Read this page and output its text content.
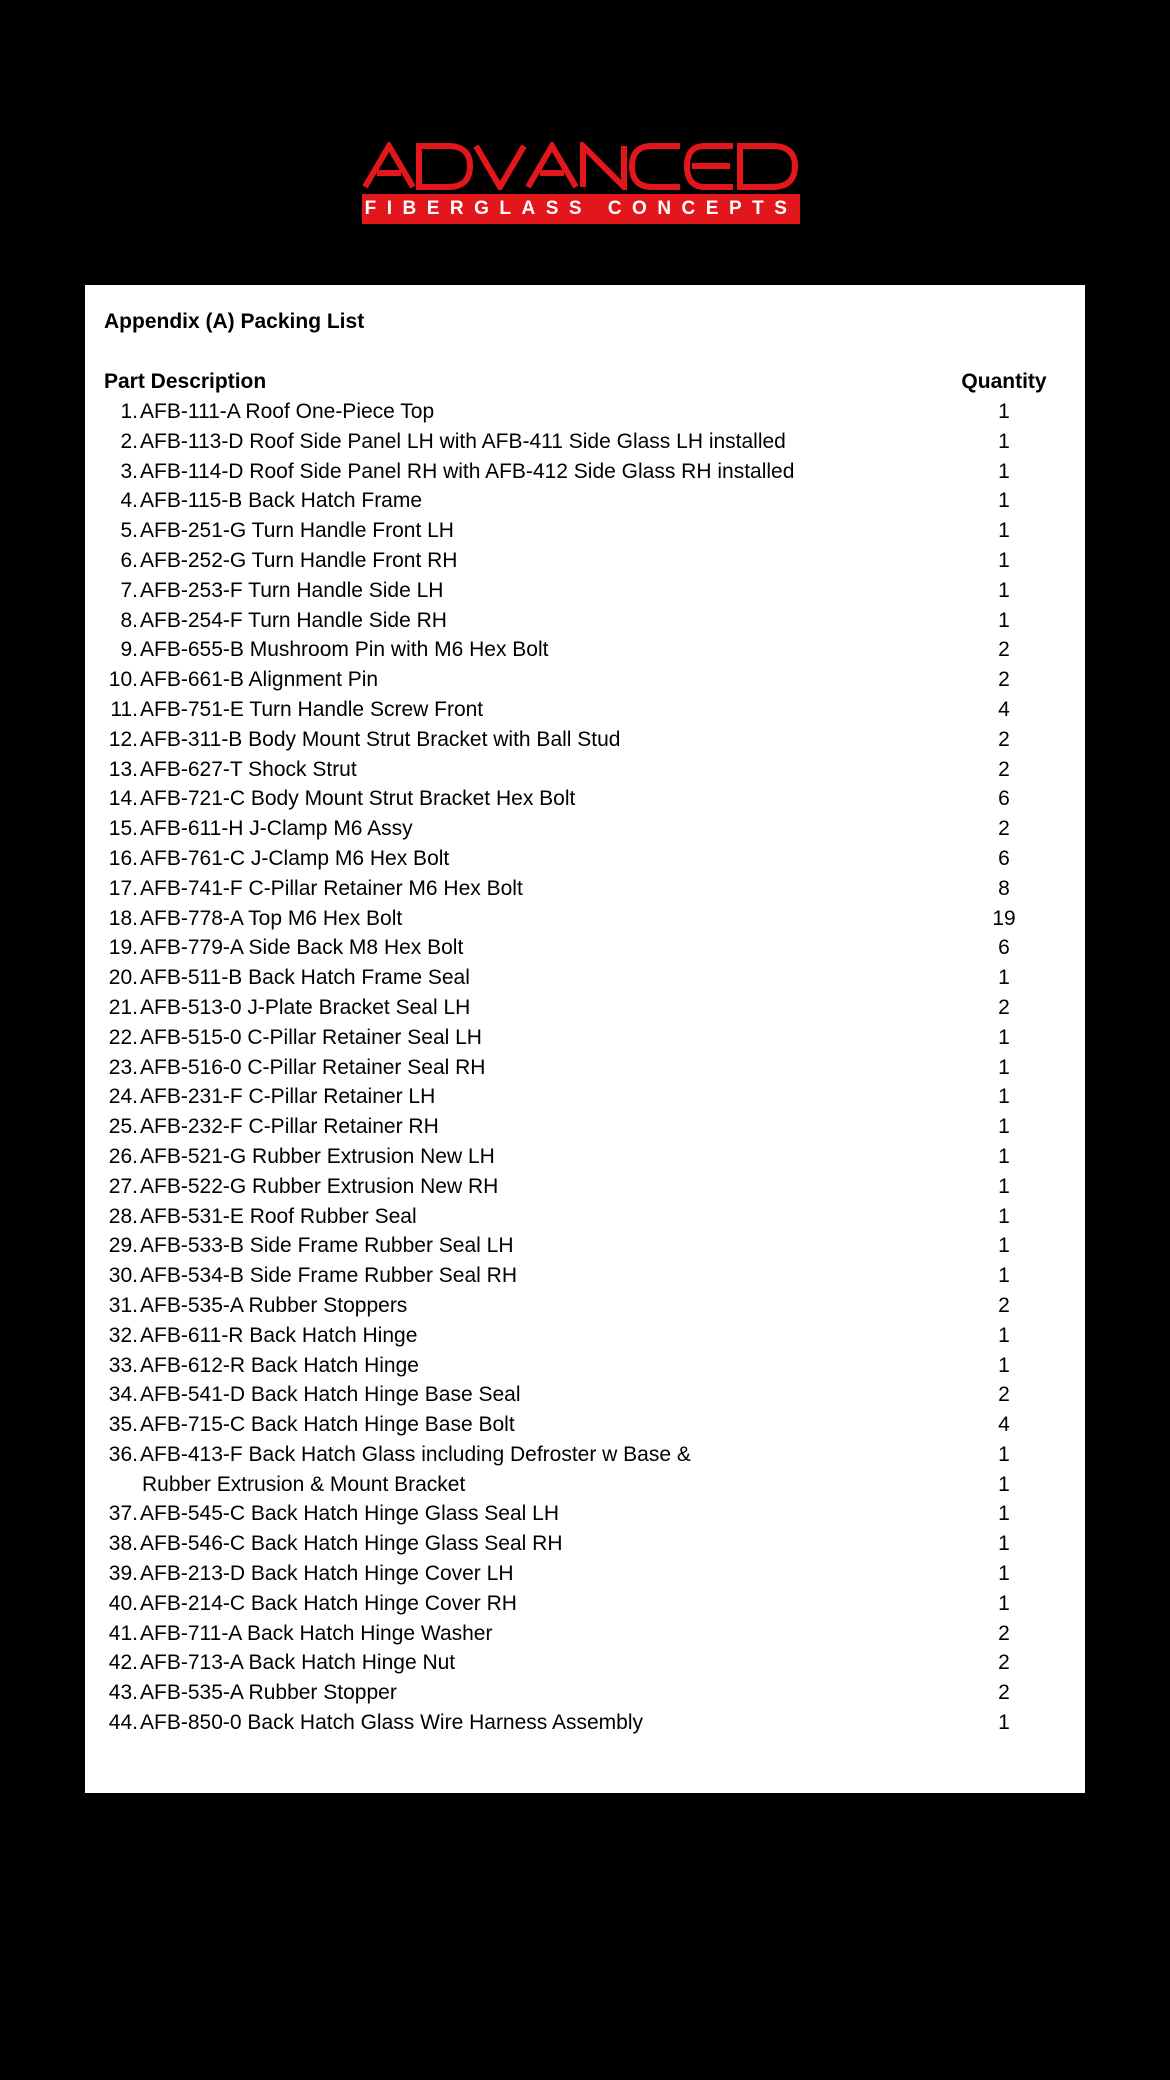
FIBERGLASS CONCEPTS
Appendix (A) Packing List
Part Description	Quantity
1. AFB-111-A Roof One-Piece Top	1
2. AFB-113-D Roof Side Panel LH with AFB-411 Side Glass LH installed	1
3. AFB-114-D Roof Side Panel RH with AFB-412 Side Glass RH installed	1
4. AFB-115-B Back Hatch Frame	1
5. AFB-251-G Turn Handle Front LH	1
6. AFB-252-G Turn Handle Front RH	1
7. AFB-253-F Turn Handle Side LH	1
8. AFB-254-F Turn Handle Side RH	1
9. AFB-655-B Mushroom Pin with M6 Hex Bolt	2
10. AFB-661-B Alignment Pin	2
11. AFB-751-E Turn Handle Screw Front	4
12. AFB-311-B Body Mount Strut Bracket with Ball Stud	2
13. AFB-627-T Shock Strut	2
14. AFB-721-C Body Mount Strut Bracket Hex Bolt	6
15. AFB-611-H J-Clamp M6 Assy	2
16. AFB-761-C J-Clamp M6 Hex Bolt	6
17. AFB-741-F C-Pillar Retainer M6 Hex Bolt	8
18. AFB-778-A Top M6 Hex Bolt	19
19. AFB-779-A Side Back M8 Hex Bolt	6
20. AFB-511-B Back Hatch Frame Seal	1
21. AFB-513-0 J-Plate Bracket Seal LH	2
22. AFB-515-0 C-Pillar Retainer Seal LH	1
23. AFB-516-0 C-Pillar Retainer Seal RH	1
24. AFB-231-F C-Pillar Retainer LH	1
25. AFB-232-F C-Pillar Retainer RH	1
26. AFB-521-G Rubber Extrusion New LH	1
27. AFB-522-G Rubber Extrusion New RH	1
28. AFB-531-E Roof Rubber Seal	1
29. AFB-533-B Side Frame Rubber Seal LH	1
30. AFB-534-B Side Frame Rubber Seal RH	1
31. AFB-535-A Rubber Stoppers	2
32. AFB-611-R Back Hatch Hinge	1
33. AFB-612-R Back Hatch Hinge	1
34. AFB-541-D Back Hatch Hinge Base Seal	2
35. AFB-715-C Back Hatch Hinge Base Bolt	4
36. AFB-413-F Back Hatch Glass including Defroster w Base &	1
Rubber Extrusion & Mount Bracket	1
37. AFB-545-C Back Hatch Hinge Glass Seal LH	1
38. AFB-546-C Back Hatch Hinge Glass Seal RH	1
39. AFB-213-D Back Hatch Hinge Cover LH	1
40. AFB-214-C Back Hatch Hinge Cover RH	1
41. AFB-711-A Back Hatch Hinge Washer	2
42. AFB-713-A Back Hatch Hinge Nut	2
43. AFB-535-A Rubber Stopper	2
44. AFB-850-0 Back Hatch Glass Wire Harness Assembly	1
